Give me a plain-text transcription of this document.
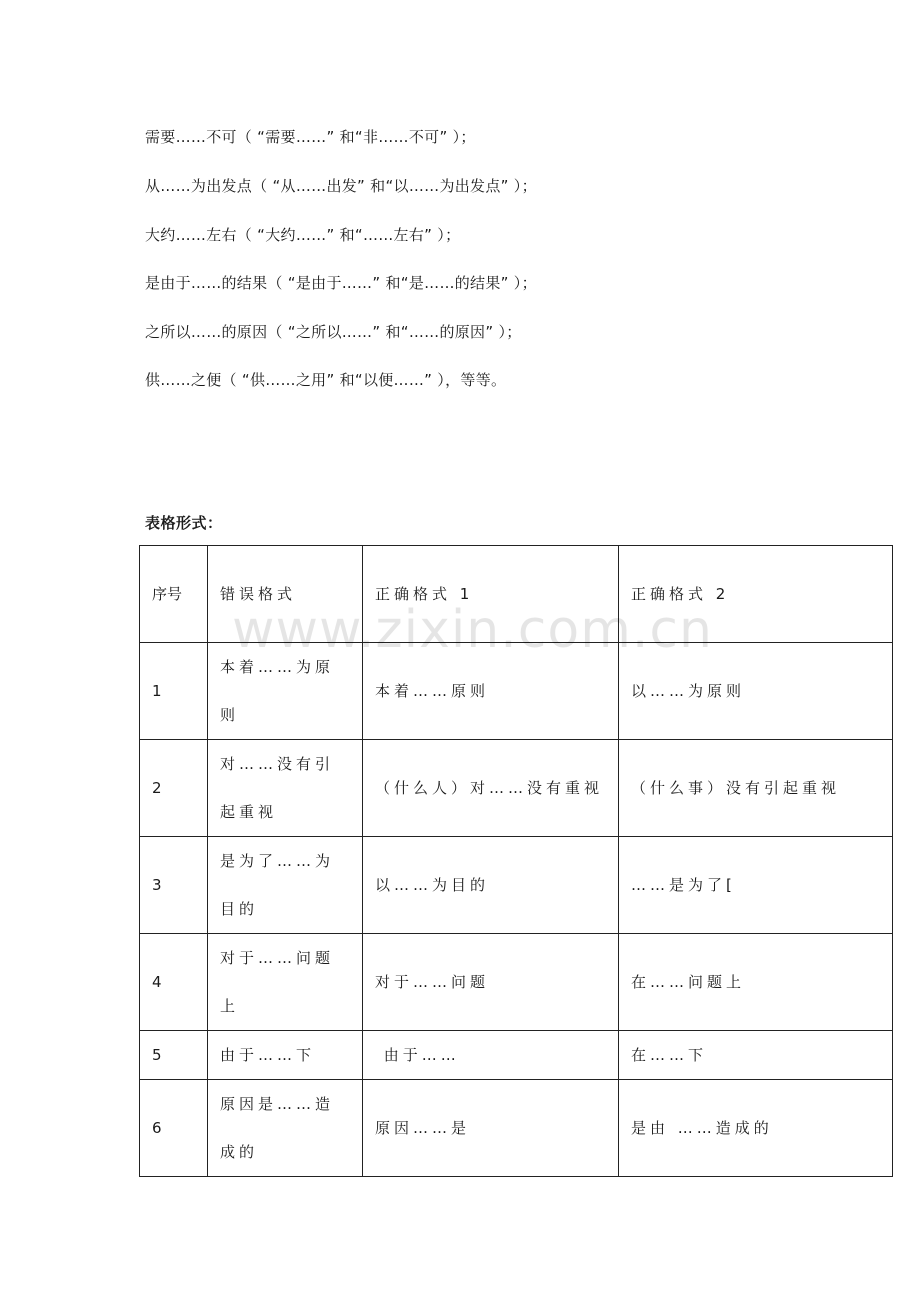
需要……不可（ “需要……” 和“非……不可” ）；
从……为出发点（ “从……出发” 和“以……为出发点” ）；
大约……左右（ “大约……” 和“……左右” ）；
是由于……的结果（ “是由于……” 和“是……的结果” ）；
之所以……的原因（ “之所以……” 和“……的原因” ）；
供……之便（ “供……之用” 和“以便……” ），等等。
表格形式：
序号	错误格式	正确格式 1	正确格式 2
1	本着……为原则	本着……原则	以……为原则
2	对……没有引起重视	（什么人）对……没有重视	（什么事）没有引起重视
3	是为了……为目的	以……为目的	……是为了[
4	对于……问题上	对于……问题	在……问题上
5	由于……下	由于……	在……下
6	原因是……造成的	原因……是	是由 ……造成的
www.zixin.com.cn
